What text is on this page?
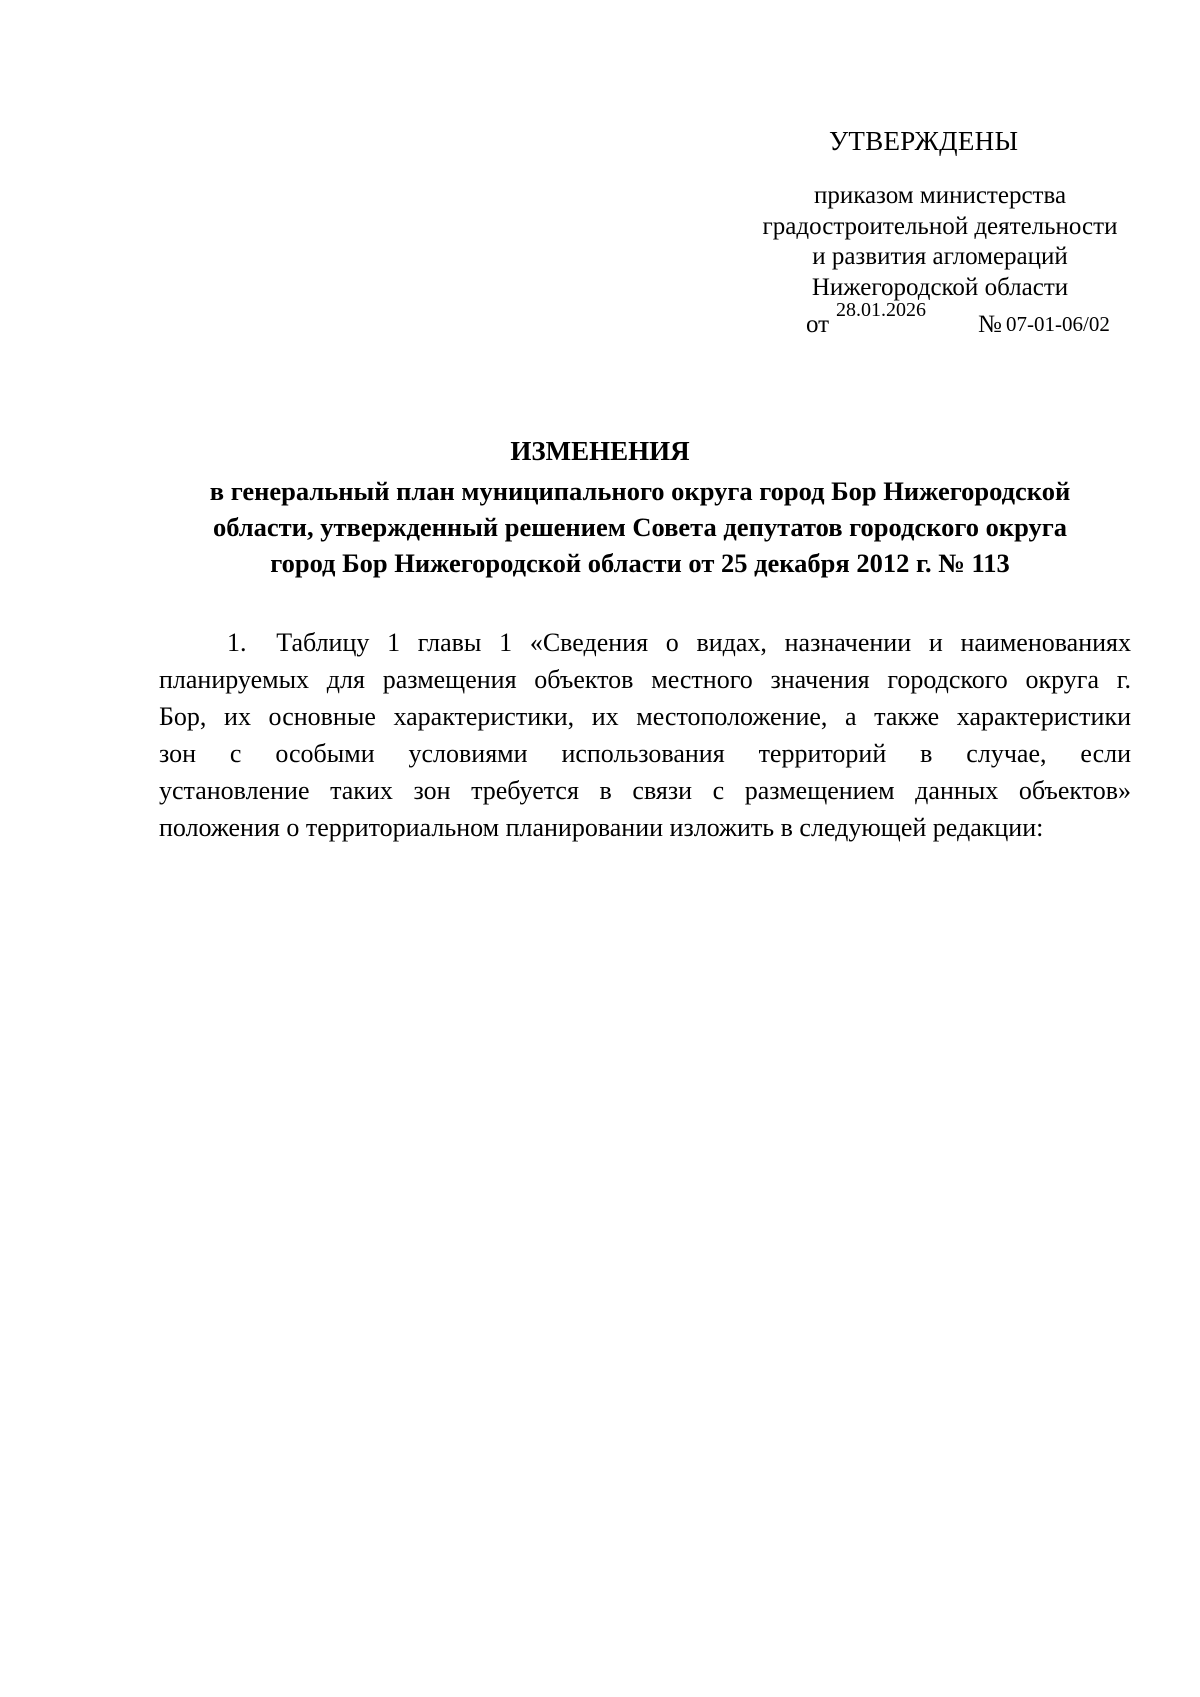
УТВЕРЖДЕНЫ
приказом министерства
градостроительной деятельности
и развития агломераций
Нижегородской области
от
28.01.2026
№ 07-01-06/02
ИЗМЕНЕНИЯ
в генеральный план муниципального округа город Бор Нижегородской
области, утвержденный решением Совета депутатов городского округа
город Бор Нижегородской области от 25 декабря 2012 г. № 113
1. Таблицу 1 главы 1 «Сведения о видах, назначении и наименованиях
планируемых для размещения объектов местного значения городского округа г.
Бор, их основные характеристики, их местоположение, а также характеристики
зон с особыми условиями использования территорий в случае, если
установление таких зон требуется в связи с размещением данных объектов»
положения о территориальном планировании изложить в следующей редакции:
